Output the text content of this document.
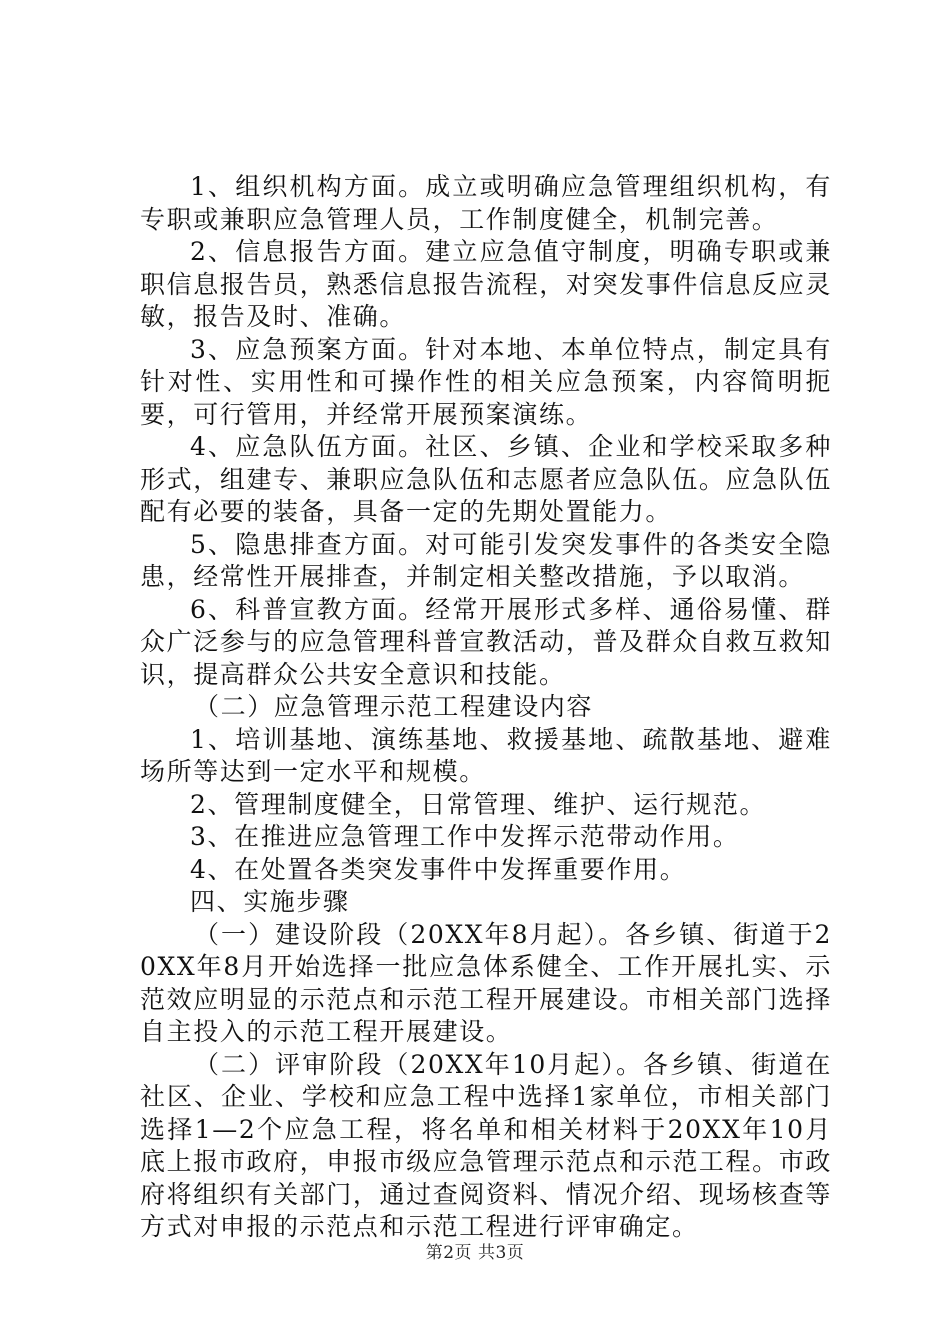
1、组织机构方面。成立或明确应急管理组织机构，有专职或兼职应急管理人员，工作制度健全，机制完善。

2、信息报告方面。建立应急值守制度，明确专职或兼职信息报告员，熟悉信息报告流程，对突发事件信息反应灵敏，报告及时、准确。

3、应急预案方面。针对本地、本单位特点，制定具有针对性、实用性和可操作性的相关应急预案，内容简明扼要，可行管用，并经常开展预案演练。

4、应急队伍方面。社区、乡镇、企业和学校采取多种形式，组建专、兼职应急队伍和志愿者应急队伍。应急队伍配有必要的装备，具备一定的先期处置能力。

5、隐患排查方面。对可能引发突发事件的各类安全隐患，经常性开展排查，并制定相关整改措施，予以取消。

6、科普宣教方面。经常开展形式多样、通俗易懂、群众广泛参与的应急管理科普宣教活动，普及群众自救互救知识，提高群众公共安全意识和技能。

（二）应急管理示范工程建设内容

1、培训基地、演练基地、救援基地、疏散基地、避难场所等达到一定水平和规模。

2、管理制度健全，日常管理、维护、运行规范。

3、在推进应急管理工作中发挥示范带动作用。

4、在处置各类突发事件中发挥重要作用。

四、实施步骤

（一）建设阶段（20XX年8月起）。各乡镇、街道于20XX年8月开始选择一批应急体系健全、工作开展扎实、示范效应明显的示范点和示范工程开展建设。市相关部门选择自主投入的示范工程开展建设。

（二）评审阶段（20XX年10月起）。各乡镇、街道在社区、企业、学校和应急工程中选择1家单位，市相关部门选择1—2个应急工程，将名单和相关材料于20XX年10月底上报市政府，申报市级应急管理示范点和示范工程。市政府将组织有关部门，通过查阅资料、情况介绍、现场核查等方式对申报的示范点和示范工程进行评审确定。

第2页 共3页
